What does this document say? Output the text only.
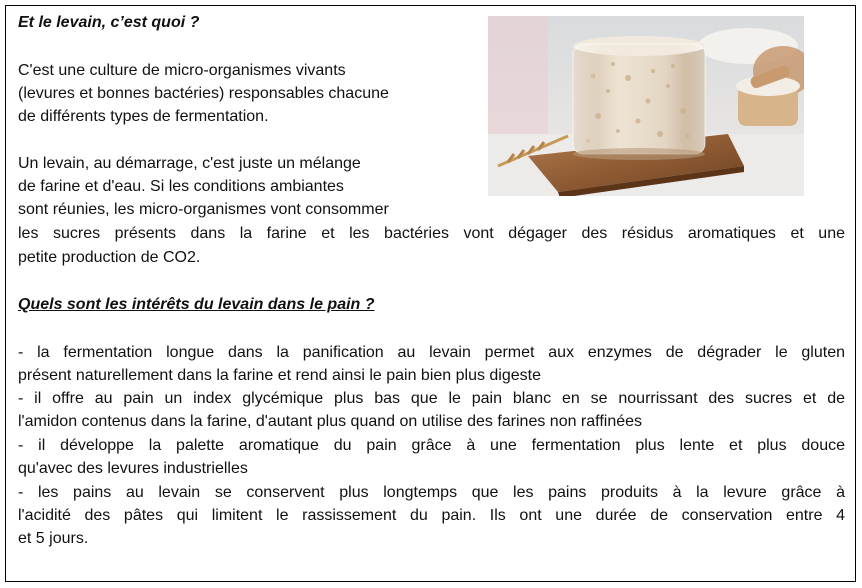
Et le levain, c’est quoi ?

C'est une culture de micro-organismes vivants

(levures et bonnes bactéries) responsables chacune

de différents types de fermentation.

Un levain, au démarrage, c'est juste un mélange

de farine et d'eau. Si les conditions ambiantes

sont réunies, les micro-organismes vont consommer

les sucres présents dans la farine et les bactéries vont dégager des résidus aromatiques et une

petite production de CO2.

Quels sont les intérêts du levain dans le pain ?

- la fermentation longue dans la panification au levain permet aux enzymes de dégrader le gluten

présent naturellement dans la farine et rend ainsi le pain bien plus digeste

- il offre au pain un index glycémique plus bas que le pain blanc en se nourrissant des sucres et de

l'amidon contenus dans la farine, d'autant plus quand on utilise des farines non raffinées

- il développe la palette aromatique du pain grâce à une fermentation plus lente et plus douce

qu'avec des levures industrielles

- les pains au levain se conservent plus longtemps que les pains produits à la levure grâce à

l'acidité des pâtes qui limitent le rassissement du pain. Ils ont une durée de conservation entre 4

et 5 jours.
